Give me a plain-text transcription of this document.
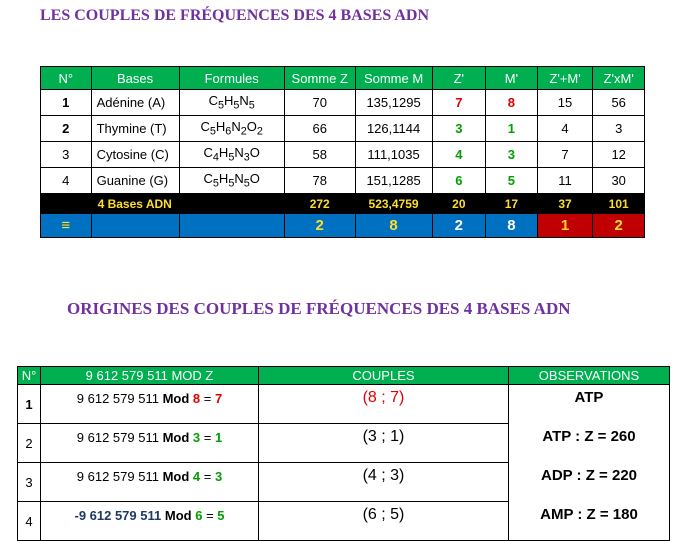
LES COUPLES DE FRÉQUENCES DES 4 BASES ADN
N°	Bases	Formules	Somme Z	Somme M	Z'	M'	Z'+M'	Z'xM'
1	Adénine (A)	$C_5H_5N_5$	70	135,1295	7	8	15	56
2	Thymine (T)	$C_5H_6N_2O_2$	66	126,1144	3	1	4	3
3	Cytosine (C)	$C_4H_5N_3O$	58	111,1035	4	3	7	12
4	Guanine (G)	$C_5H_5N_5O$	78	151,1285	6	5	11	30
	4 Bases ADN		272	523,4759	20	17	37	101
≡			2	8	2	8	1	2
ORIGINES DES COUPLES DE FRÉQUENCES DES 4 BASES ADN
N°	9 612 579 511 MOD Z	COUPLES	OBSERVATIONS
1	9 612 579 511 Mod 8 = 7	(8 ; 7)	ATP
2	9 612 579 511 Mod 3 = 1	(3 ; 1)	ATP : Z = 260
3	9 612 579 511 Mod 4 = 3	(4 ; 3)	ADP : Z = 220
4	-9 612 579 511 Mod 6 = 5	(6 ; 5)	AMP : Z = 180
